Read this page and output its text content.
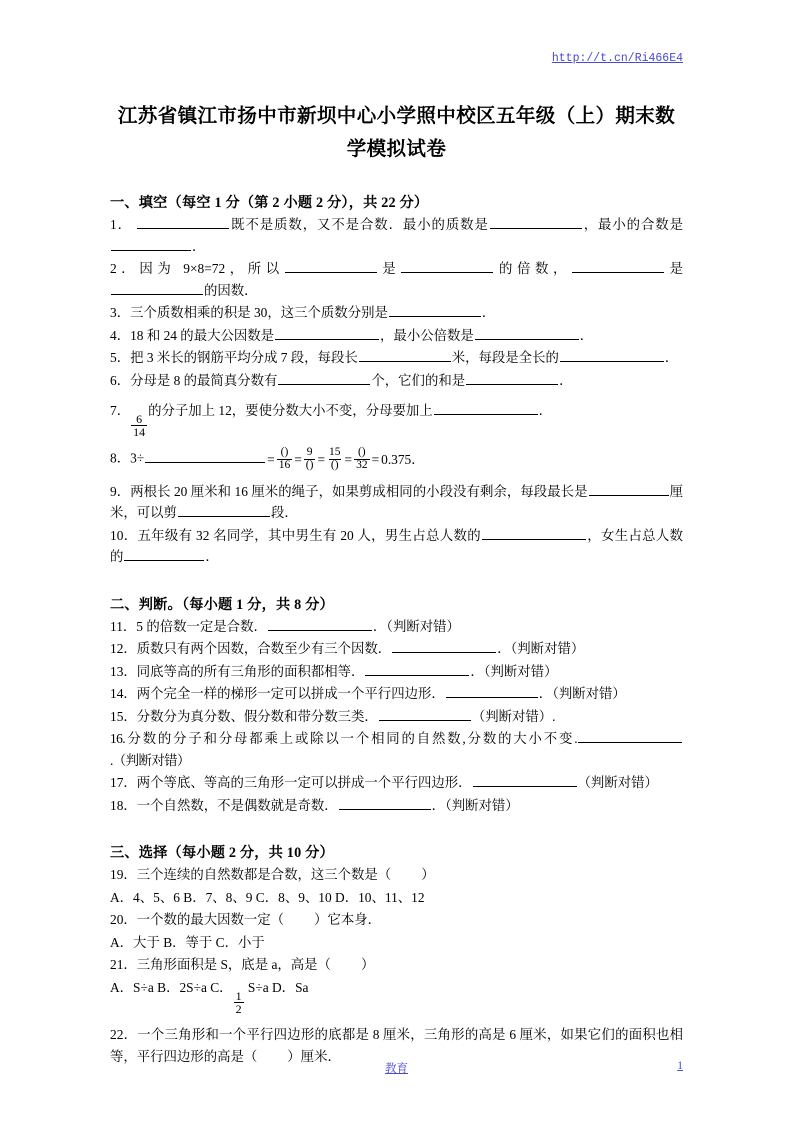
http://t.cn/Ri466E4
江苏省镇江市扬中市新坝中心小学照中校区五年级（上）期末数
学模拟试卷
一、填空（每空 1 分（第 2 小题 2 分），共 22 分）
1．	既不是质数，又不是合数．最小的质数是	，最小的合数是．
2．因为 9×8=72，所以	是	的倍数，	是的因数．
3．三个质数相乘的积是 30，这三个质数分别是	．
4．18 和 24 的最大公因数是	，最小公倍数是	．
5．把 3 米长的钢筋平均分成 7 段，每段长	米，每段是全长的	．
6．分母是 8 的最简真分数有	个，它们的和是	．
7．
$\frac{6}{14}$
的分子加上 12，要使分数大小不变，分母要加上	．
8．3÷	= $\frac{()}{16} = \frac{9}{()} = \frac{15}{()} = \frac{()}{32} = 0.375$．
9．两根长 20 厘米和 16 厘米的绳子，如果剪成相同的小段没有剩余，每段最长是	厘米，可以剪	段．
10．五年级有 32 名同学，其中男生有 20 人，男生占总人数的	，女生占总人数的	．
二、判断。（每小题 1 分，共 8 分）
11．5 的倍数一定是合数．	．（判断对错）
12．质数只有两个因数，合数至少有三个因数．	．（判断对错）
13．同底等高的所有三角形的面积都相等．	．（判断对错）
14．两个完全一样的梯形一定可以拼成一个平行四边形．	．（判断对错）
15．分数分为真分数、假分数和带分数三类．	（判断对错）.
16.分数的分子和分母都乘上或除以一个相同的自然数,分数的大小不变..（判断对错）
17．两个等底、等高的三角形一定可以拼成一个平行四边形．	（判断对错）
18．一个自然数，不是偶数就是奇数．	．（判断对错）
三、选择（每小题 2 分，共 10 分）
19．三个连续的自然数都是合数，这三个数是（ ）
A．4、5、6 B．7、8、9 C．8、9、10 D．10、11、12
20．一个数的最大因数一定（ ）它本身．
A．大于 B．等于 C．小于
21．三角形面积是 S，底是 a，高是（ ）
A．S÷a B．2S÷a C．
$\frac{1}{2}$
S÷a D．Sa
22．一个三角形和一个平行四边形的底都是 8 厘米，三角形的高是 6 厘米，如果它们的面积也相等，平行四边形的高是（ ）厘米．
教育	1
